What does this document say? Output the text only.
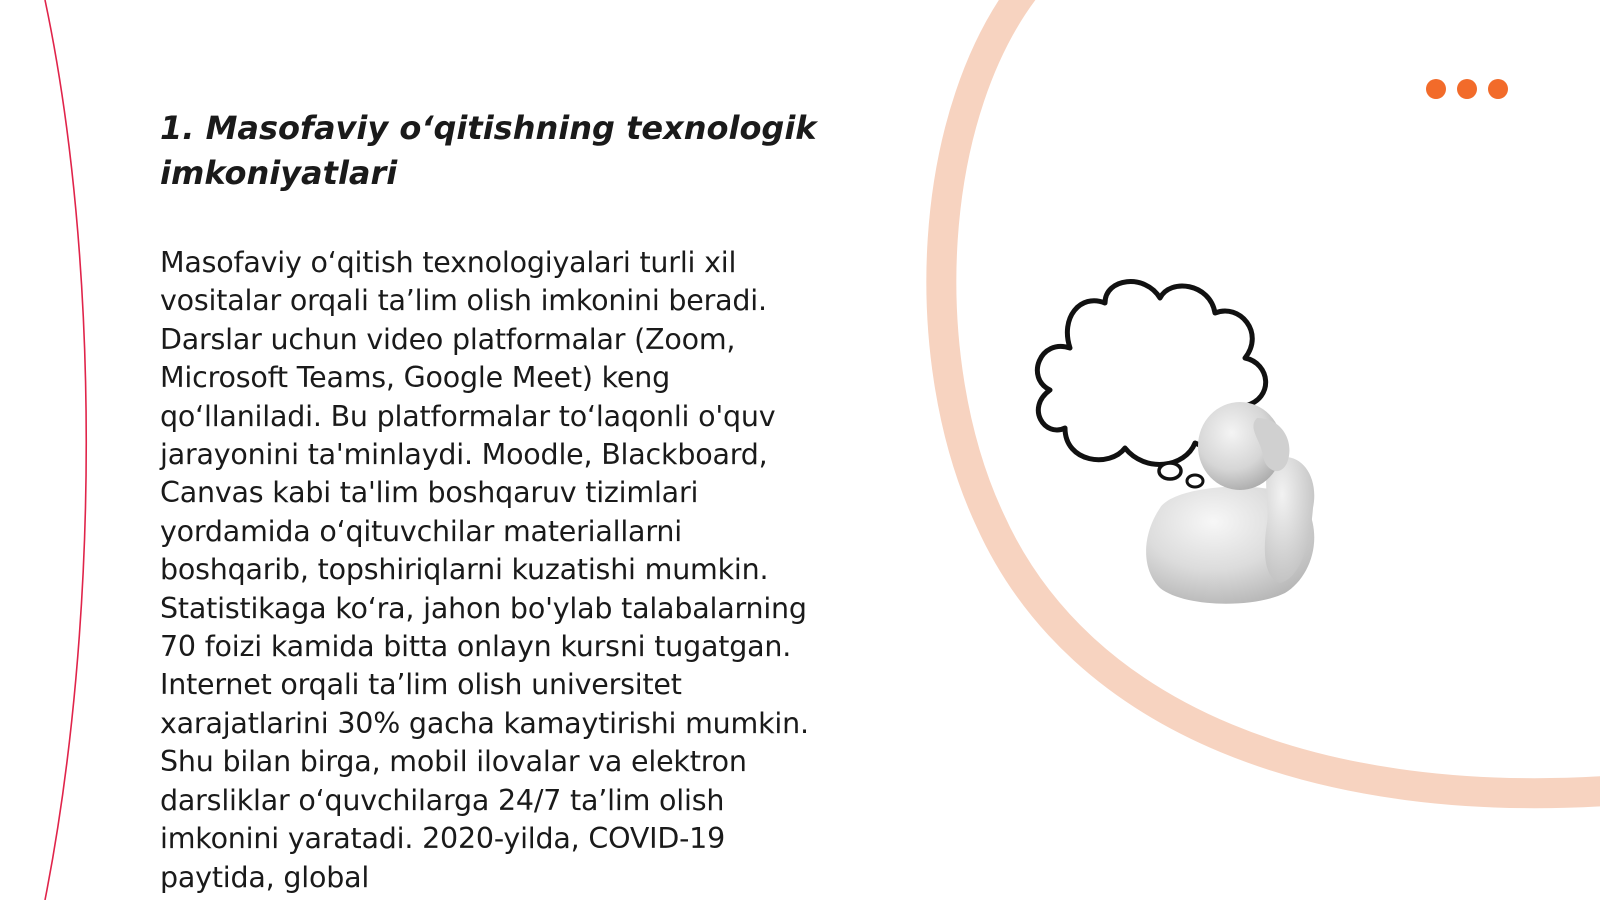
1. Masofaviy o‘qitishning texnologik imkoniyatlari

Masofaviy o‘qitish texnologiyalari turli xil vositalar orqali ta’lim olish imkonini beradi. Darslar uchun video platformalar (Zoom, Microsoft Teams, Google Meet) keng qo‘llaniladi. Bu platformalar to‘laqonli o'quv jarayonini ta'minlaydi. Moodle, Blackboard, Canvas kabi ta'lim boshqaruv tizimlari yordamida o‘qituvchilar materiallarni boshqarib, topshiriqlarni kuzatishi mumkin. Statistikaga ko‘ra, jahon bo'ylab talabalarning 70 foizi kamida bitta onlayn kursni tugatgan. Internet orqali ta’lim olish universitet xarajatlarini 30% gacha kamaytirishi mumkin. Shu bilan birga, mobil ilovalar va elektron darsliklar o‘quvchilarga 24/7 ta’lim olish imkonini yaratadi. 2020-yilda, COVID-19 paytida, global
